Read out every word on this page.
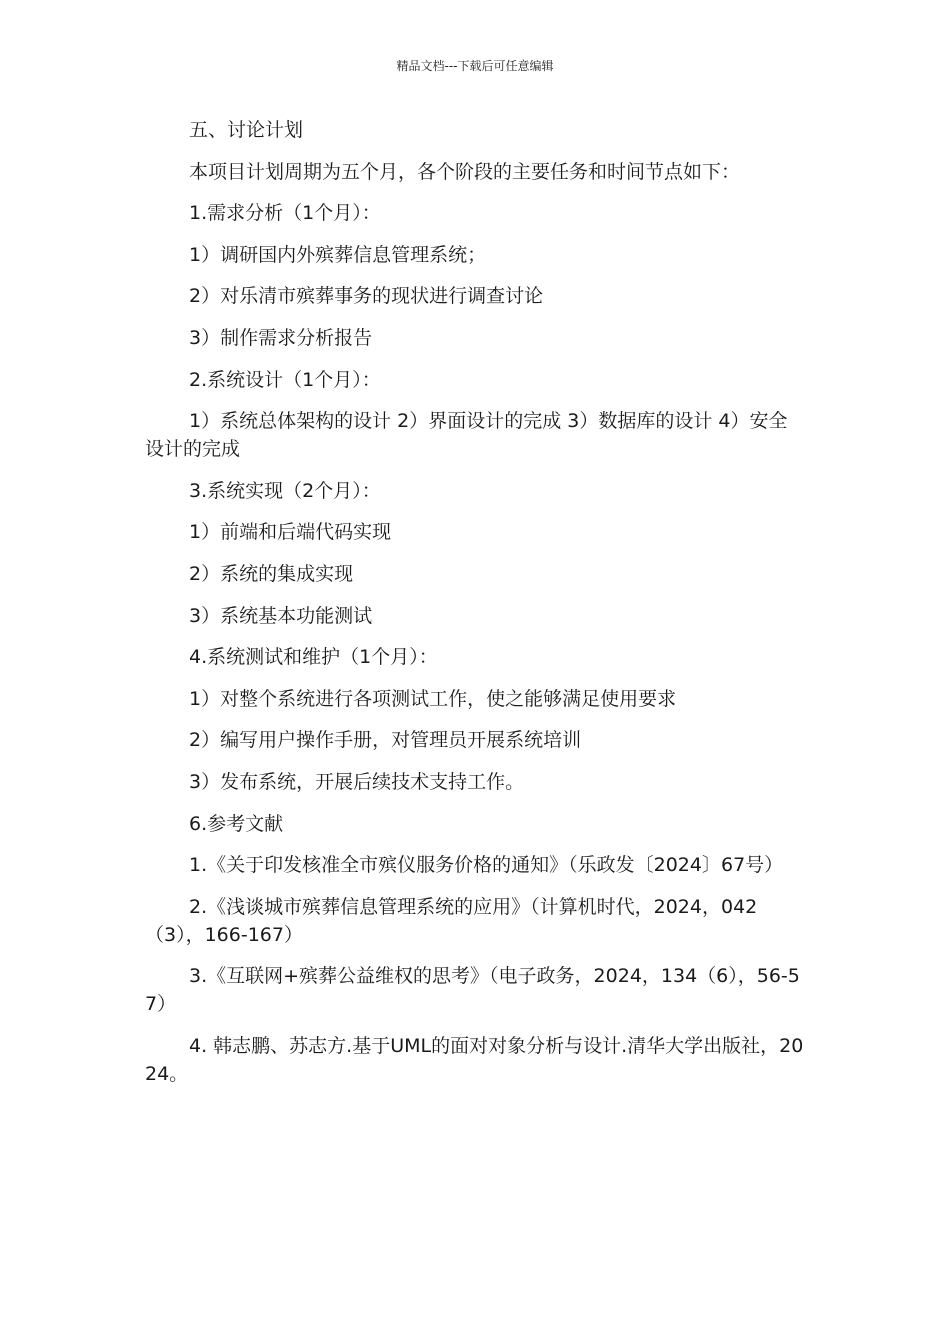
精品文档---下载后可任意编辑

五、讨论计划

本项目计划周期为五个月，各个阶段的主要任务和时间节点如下：

1.需求分析（1个月）：

1）调研国内外殡葬信息管理系统；

2）对乐清市殡葬事务的现状进行调查讨论

3）制作需求分析报告

2.系统设计（1个月）：

1）系统总体架构的设计 2）界面设计的完成 3）数据库的设计 4）安全设计的完成

3.系统实现（2个月）：

1）前端和后端代码实现

2）系统的集成实现

3）系统基本功能测试

4.系统测试和维护（1个月）：

1）对整个系统进行各项测试工作，使之能够满足使用要求

2）编写用户操作手册，对管理员开展系统培训

3）发布系统，开展后续技术支持工作。

6.参考文献

1.《关于印发核准全市殡仪服务价格的通知》（乐政发〔2024〕67号）

2.《浅谈城市殡葬信息管理系统的应用》（计算机时代，2024，042（3），166-167）

3.《互联网+殡葬公益维权的思考》（电子政务，2024，134（6），56-57）

4. 韩志鹏、苏志方.基于UML的面对对象分析与设计.清华大学出版社，2024。
